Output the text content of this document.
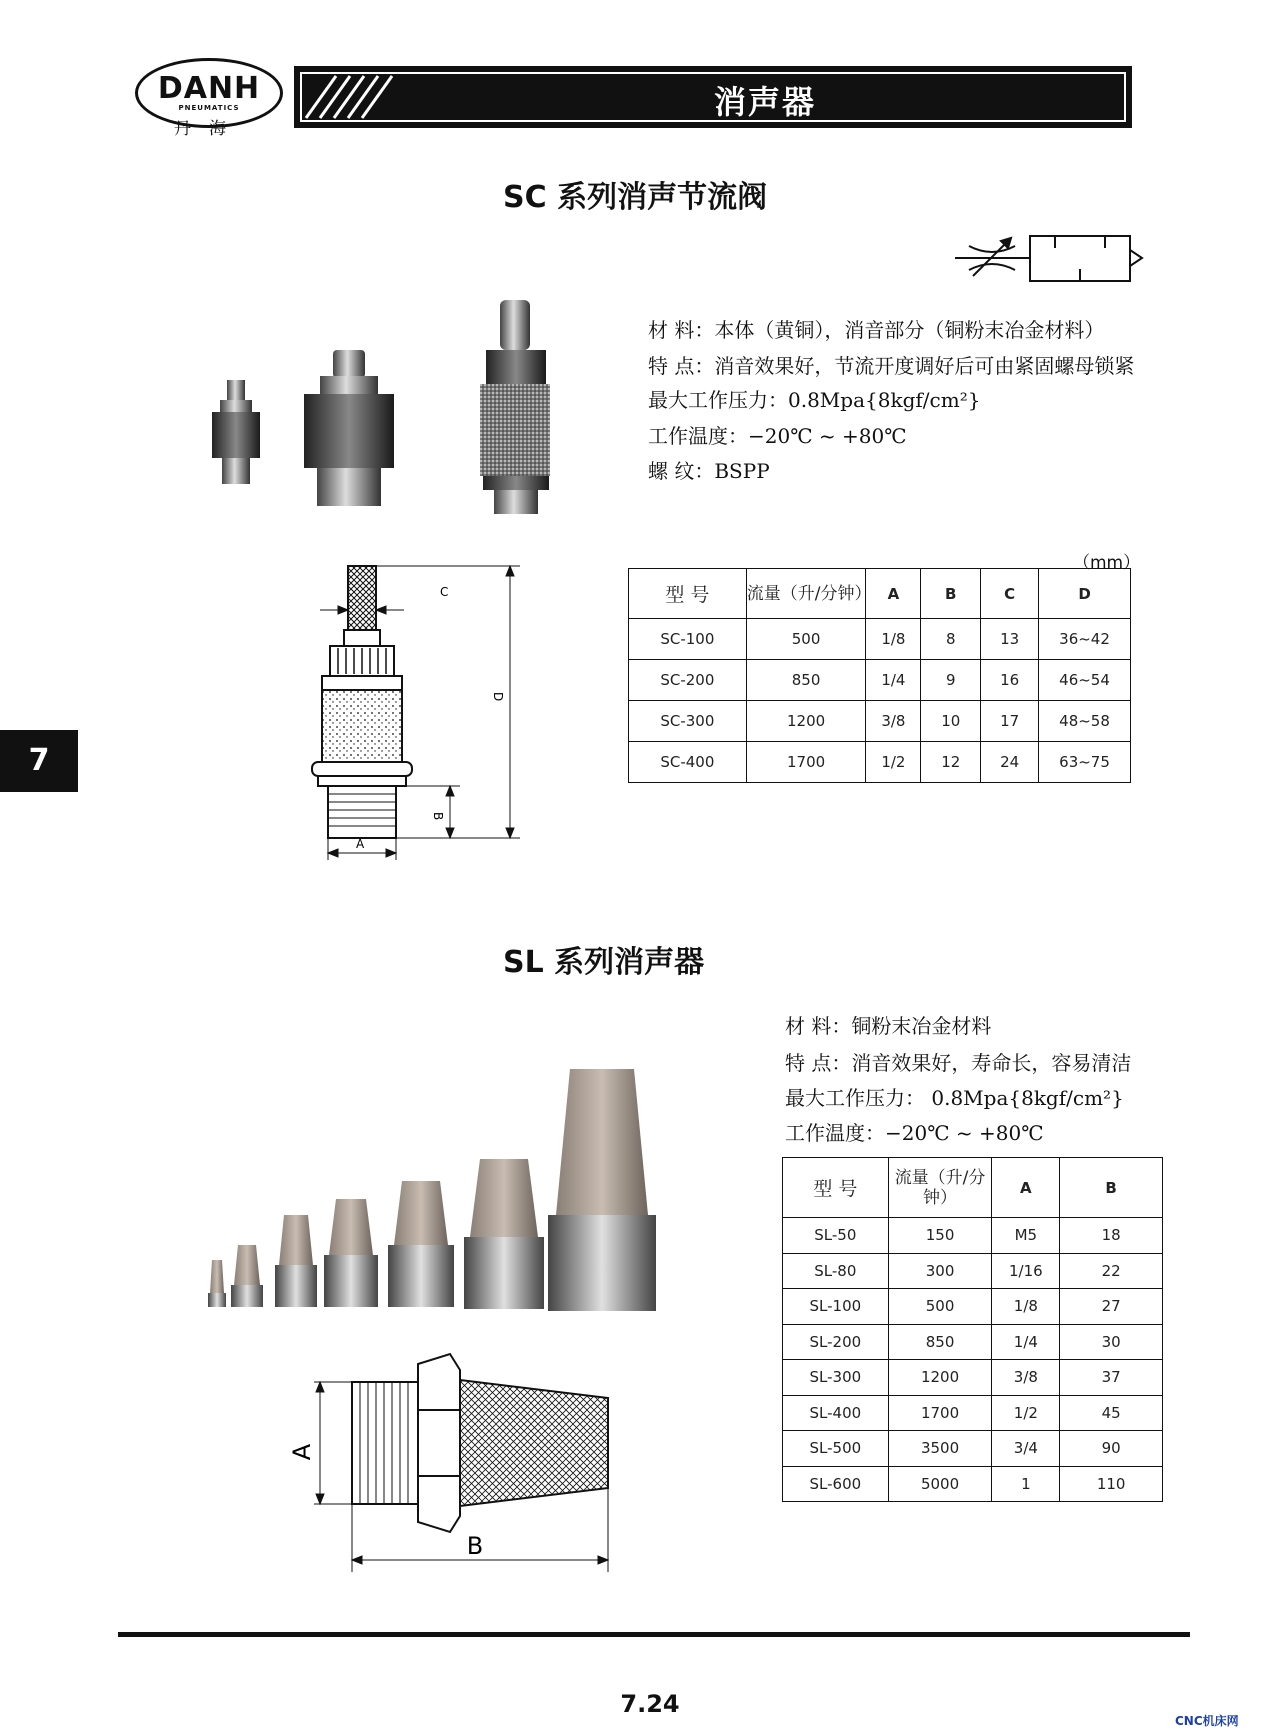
DANH
PNEUMATICS
丹海
消声器
7
SC 系列消声节流阀
材 料：本体（黄铜），消音部分（铜粉末冶金材料）
特 点：消音效果好，节流开度调好后可由紧固螺母锁紧
最大工作压力：0.8Mpa{8kgf/cm²}
工作温度：−20℃ ~ +80℃
螺 纹：BSPP
C
D
B
A
（mm）
型 号	流量（升/分钟）	A	B	C	D
SC-100	500	1/8	8	13	36~42
SC-200	850	1/4	9	16	46~54
SC-300	1200	3/8	10	17	48~58
SC-400	1700	1/2	12	24	63~75
SL 系列消声器
材 料：铜粉末冶金材料
特 点：消音效果好，寿命长，容易清洁
最大工作压力： 0.8Mpa{8kgf/cm²}
工作温度：−20℃ ~ +80℃
A
B
型 号	流量（升/分钟）	A	B
SL-50	150	M5	18
SL-80	300	1/16	22
SL-100	500	1/8	27
SL-200	850	1/4	30
SL-300	1200	3/8	37
SL-400	1700	1/2	45
SL-500	3500	3/4	90
SL-600	5000	1	110
7.24
CNC机床网
